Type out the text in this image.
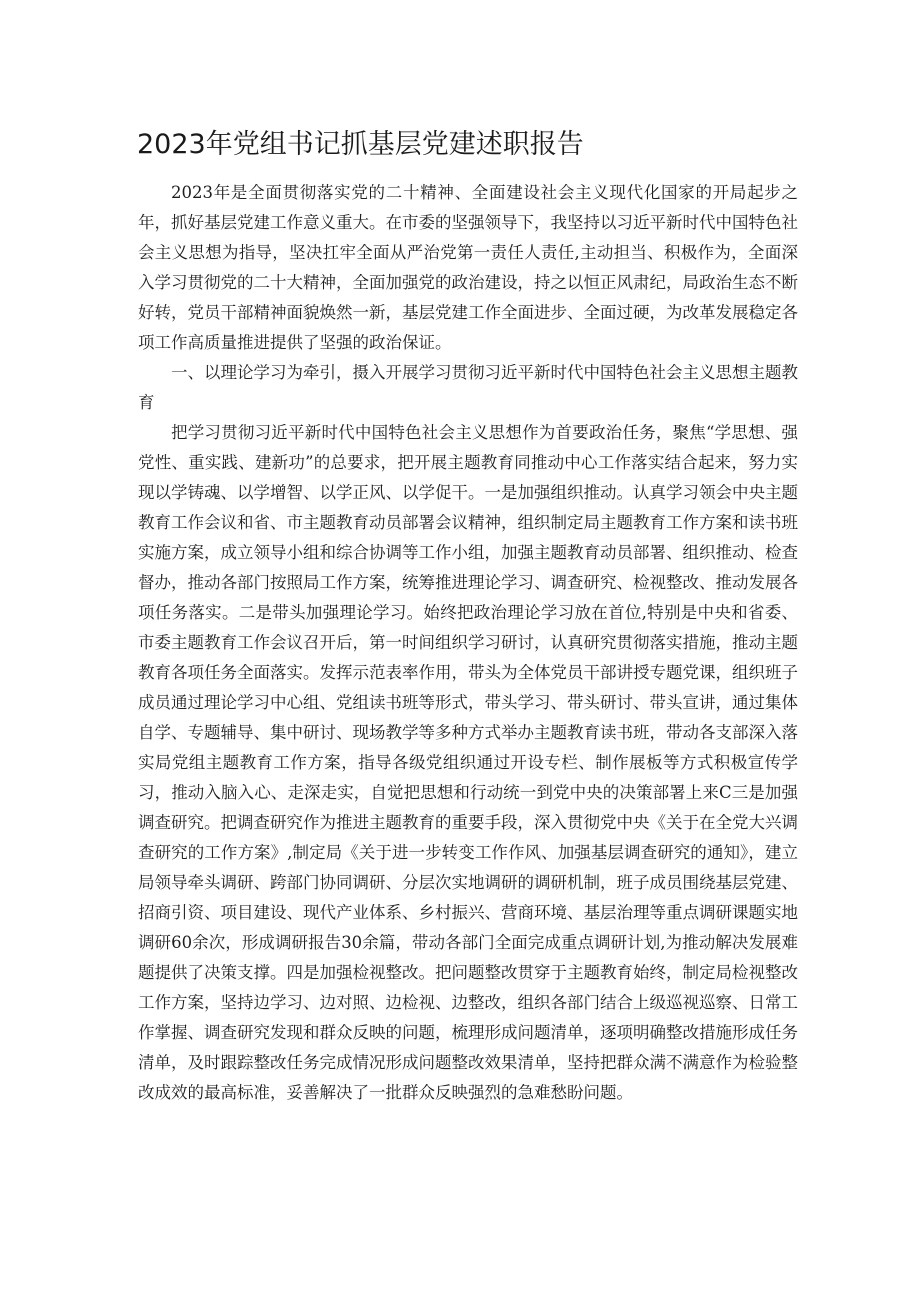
2023年党组书记抓基层党建述职报告

2023年是全面贯彻落实党的二十精神、全面建设社会主义现代化国家的开局起步之年，抓好基层党建工作意义重大。在市委的坚强领导下，我坚持以习近平新时代中国特色社会主义思想为指导，坚决扛牢全面从严治党第一责任人责任,主动担当、积极作为，全面深入学习贯彻党的二十大精神，全面加强党的政治建设，持之以恒正风肃纪，局政治生态不断好转，党员干部精神面貌焕然一新，基层党建工作全面进步、全面过硬，为改革发展稳定各项工作高质量推进提供了坚强的政治保证。

一、以理论学习为牵引，摄入开展学习贯彻习近平新时代中国特色社会主义思想主题教育

把学习贯彻习近平新时代中国特色社会主义思想作为首要政治任务，聚焦“学思想、强党性、重实践、建新功”的总要求，把开展主题教育同推动中心工作落实结合起来，努力实现以学铸魂、以学增智、以学正风、以学促干。一是加强组织推动。认真学习领会中央主题教育工作会议和省、市主题教育动员部署会议精神，组织制定局主题教育工作方案和读书班实施方案，成立领导小组和综合协调等工作小组，加强主题教育动员部署、组织推动、检查督办，推动各部门按照局工作方案，统筹推进理论学习、调查研究、检视整改、推动发展各项任务落实。二是带头加强理论学习。始终把政治理论学习放在首位,特别是中央和省委、市委主题教育工作会议召开后，第一时间组织学习研讨，认真研究贯彻落实措施，推动主题教育各项任务全面落实。发挥示范表率作用，带头为全体党员干部讲授专题党课，组织班子成员通过理论学习中心组、党组读书班等形式，带头学习、带头研讨、带头宣讲，通过集体自学、专题辅导、集中研讨、现场教学等多种方式举办主题教育读书班，带动各支部深入落实局党组主题教育工作方案，指导各级党组织通过开设专栏、制作展板等方式积极宣传学习，推动入脑入心、走深走实，自觉把思想和行动统一到党中央的决策部署上来C三是加强调查研究。把调查研究作为推进主题教育的重要手段，深入贯彻党中央《关于在全党大兴调查研究的工作方案》,制定局《关于进一步转变工作作风、加强基层调查研究的通知》，建立局领导牵头调研、跨部门协同调研、分层次实地调研的调研机制，班子成员围绕基层党建、招商引资、项目建设、现代产业体系、乡村振兴、营商环境、基层治理等重点调研课题实地调研60余次，形成调研报告30余篇，带动各部门全面完成重点调研计划,为推动解决发展难题提供了决策支撑。四是加强检视整改。把问题整改贯穿于主题教育始终，制定局检视整改工作方案，坚持边学习、边对照、边检视、边整改，组织各部门结合上级巡视巡察、日常工作掌握、调查研究发现和群众反映的问题，梳理形成问题清单，逐项明确整改措施形成任务清单，及时跟踪整改任务完成情况形成问题整改效果清单，坚持把群众满不满意作为检验整改成效的最高标准，妥善解决了一批群众反映强烈的急难愁盼问题。
